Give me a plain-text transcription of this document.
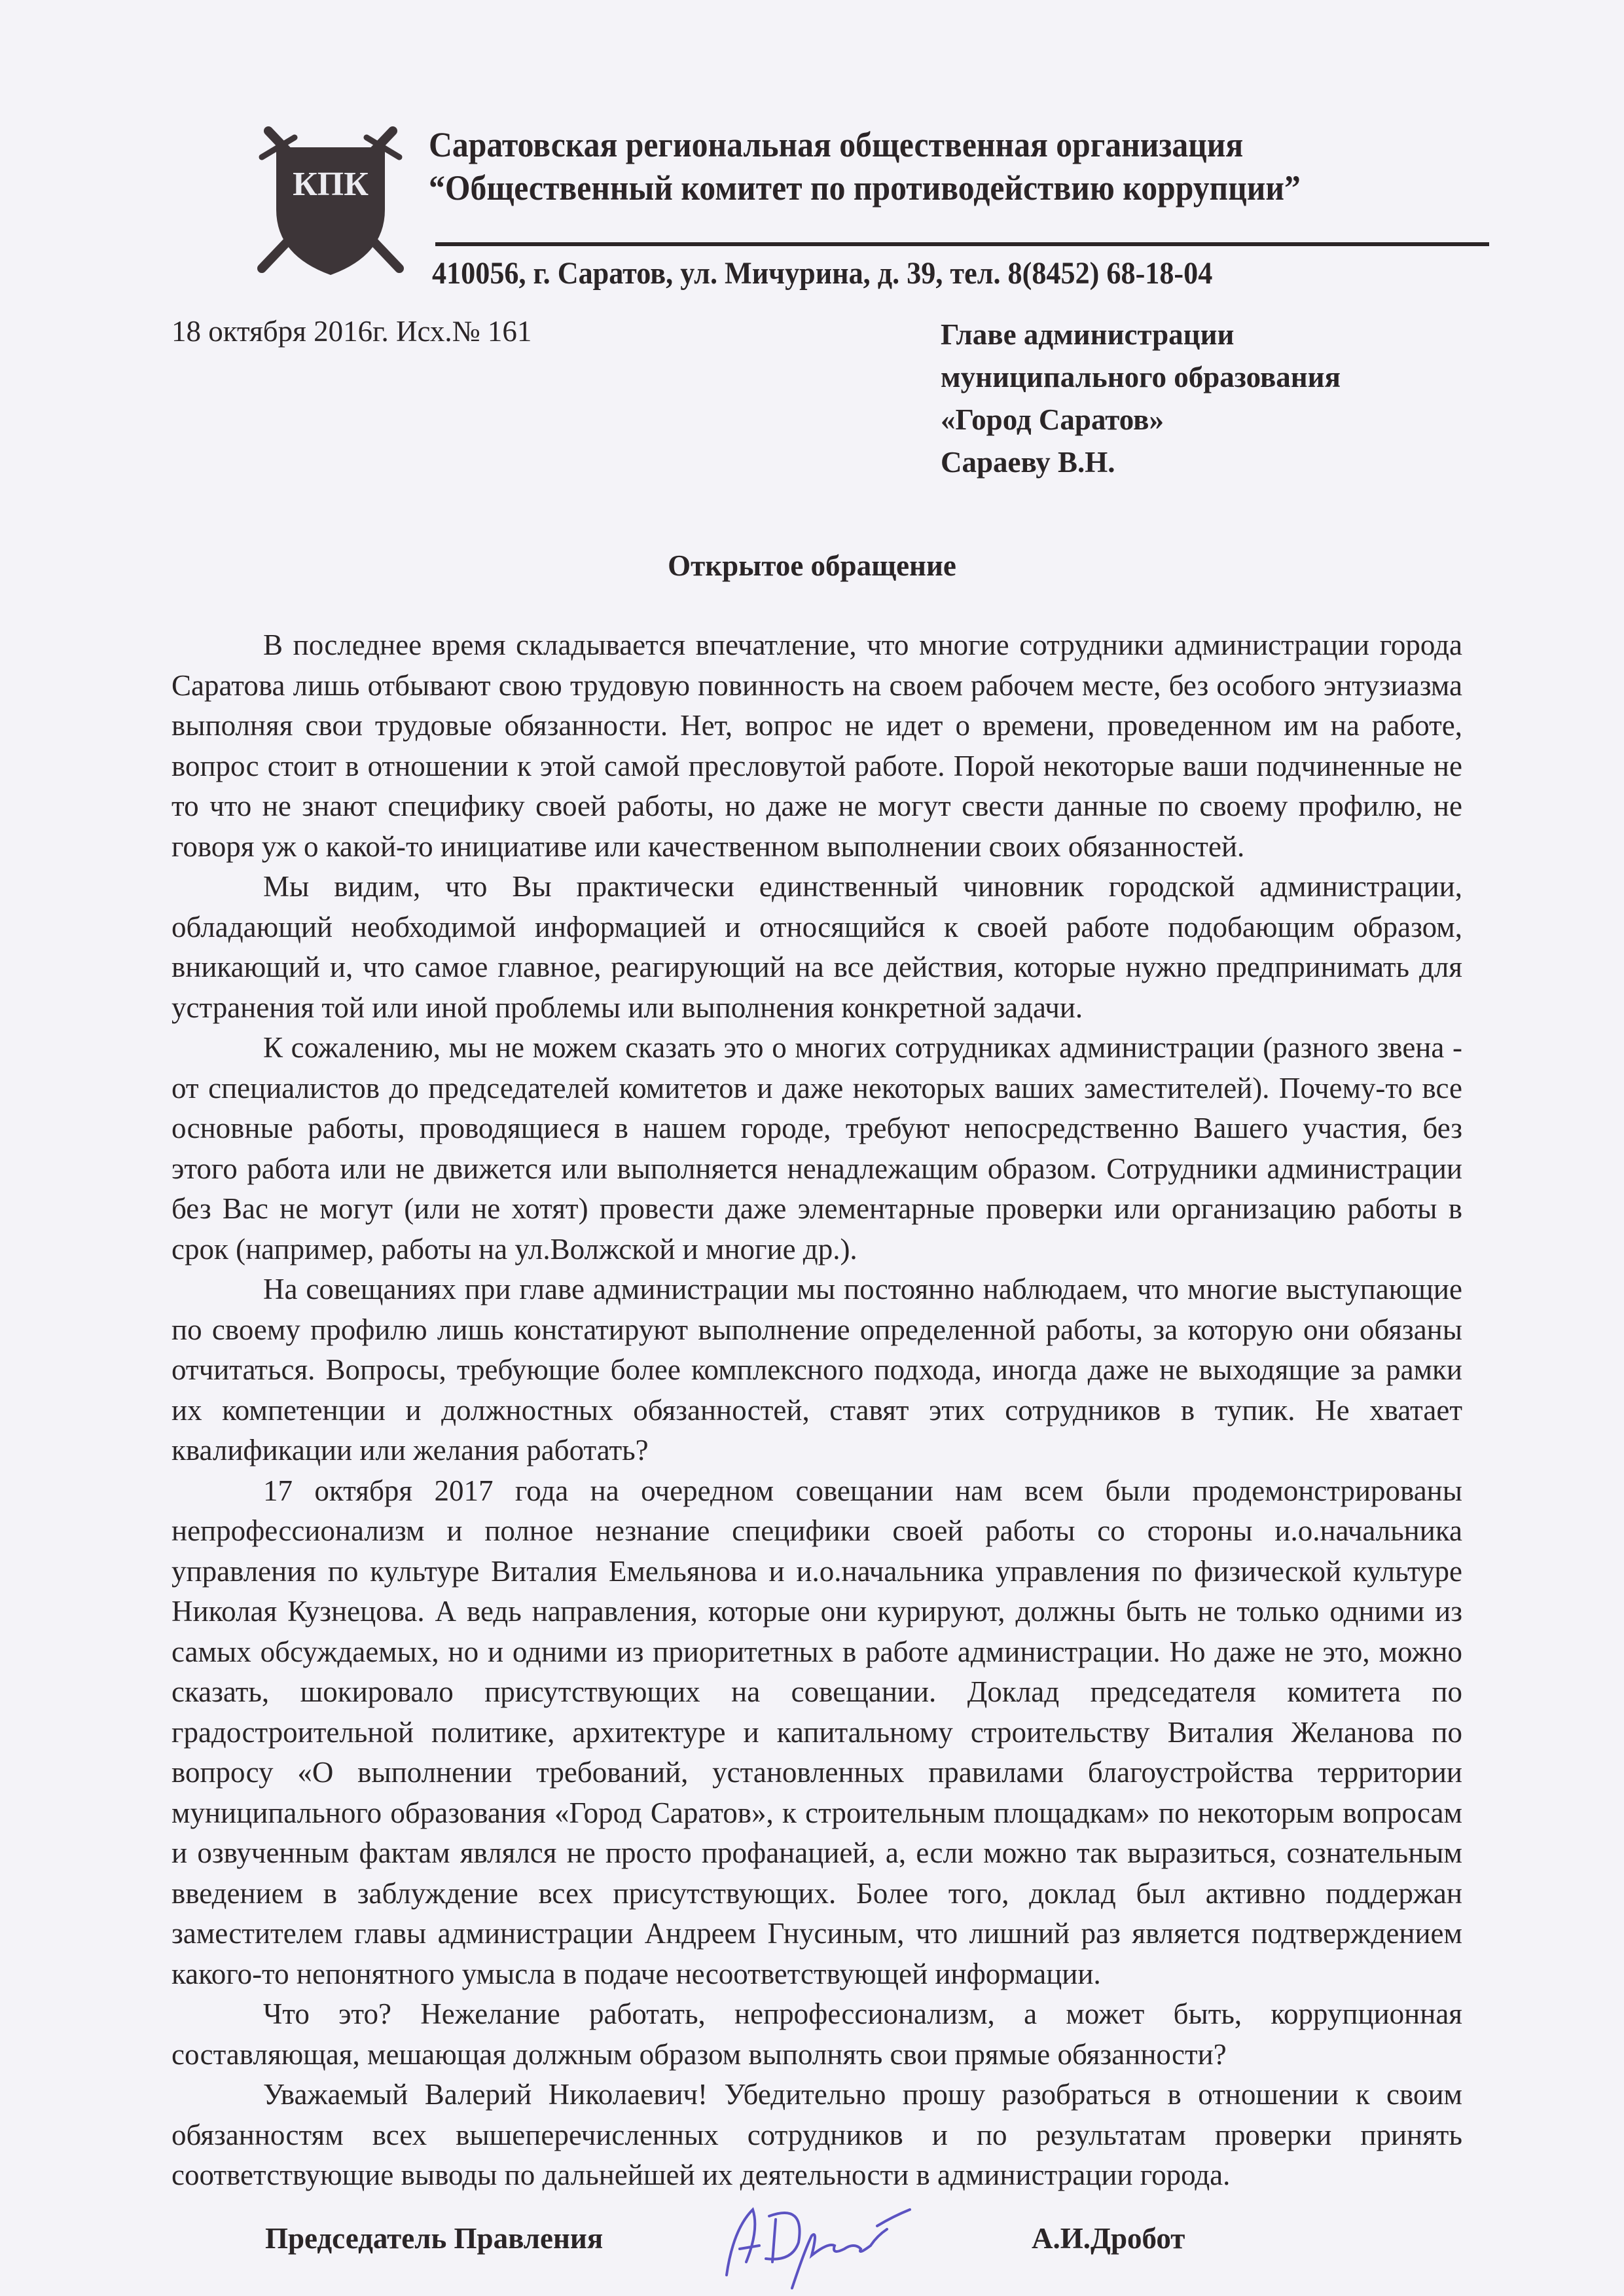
КПК
Саратовская региональная общественная организация
“Общественный комитет по противодействию коррупции”
410056, г. Саратов, ул. Мичурина, д. 39, тел. 8(8452) 68-18-04
18 октября 2016г. Исх.№ 161	Главе администрации
муниципального образования
«Город Саратов»
Сараеву В.Н.
Открытое обращение

В последнее время складывается впечатление, что многие сотрудники администрации города Саратова лишь отбывают свою трудовую повинность на своем рабочем месте, без особого энтузиазма выполняя свои трудовые обязанности. Нет, вопрос не идет о времени, проведенном им на работе, вопрос стоит в отношении к этой самой пресловутой работе. Порой некоторые ваши подчиненные не то что не знают специфику своей работы, но даже не могут свести данные по своему профилю, не говоря уж о какой-то инициативе или качественном выполнении своих обязанностей.

Мы видим, что Вы практически единственный чиновник городской администрации, обладающий необходимой информацией и относящийся к своей работе подобающим образом, вникающий и, что самое главное, реагирующий на все действия, которые нужно предпринимать для устранения той или иной проблемы или выполнения конкретной задачи.

К сожалению, мы не можем сказать это о многих сотрудниках администрации (разного звена - от специалистов до председателей комитетов и даже некоторых ваших заместителей). Почему-то все основные работы, проводящиеся в нашем городе, требуют непосредственно Вашего участия, без этого работа или не движется или выполняется ненадлежащим образом. Сотрудники администрации без Вас не могут (или не хотят) провести даже элементарные проверки или организацию работы в срок (например, работы на ул.Волжской и многие др.).

На совещаниях при главе администрации мы постоянно наблюдаем, что многие выступающие по своему профилю лишь констатируют выполнение определенной работы, за которую они обязаны отчитаться. Вопросы, требующие более комплексного подхода, иногда даже не выходящие за рамки их компетенции и должностных обязанностей, ставят этих сотрудников в тупик. Не хватает квалификации или желания работать?

17 октября 2017 года на очередном совещании нам всем были продемонстрированы непрофессионализм и полное незнание специфики своей работы со стороны и.о.начальника управления по культуре Виталия Емельянова и и.о.начальника управления по физической культуре Николая Кузнецова. А ведь направления, которые они курируют, должны быть не только одними из самых обсуждаемых, но и одними из приоритетных в работе администрации. Но даже не это, можно сказать, шокировало присутствующих на совещании. Доклад председателя комитета по градостроительной политике, архитектуре и капитальному строительству Виталия Желанова по вопросу «О выполнении требований, установленных правилами благоустройства территории муниципального образования «Город Саратов», к строительным площадкам» по некоторым вопросам и озвученным фактам являлся не просто профанацией, а, если можно так выразиться, сознательным введением в заблуждение всех присутствующих. Более того, доклад был активно поддержан заместителем главы администрации Андреем Гнусиным, что лишний раз является подтверждением какого-то непонятного умысла в подаче несоответствующей информации.

Что это? Нежелание работать, непрофессионализм, а может быть, коррупционная составляющая, мешающая должным образом выполнять свои прямые обязанности?

Уважаемый Валерий Николаевич! Убедительно прошу разобраться в отношении к своим обязанностям всех вышеперечисленных сотрудников и по результатам проверки принять соответствующие выводы по дальнейшей их деятельности в администрации города.

Председатель Правления	А.И.Дробот
